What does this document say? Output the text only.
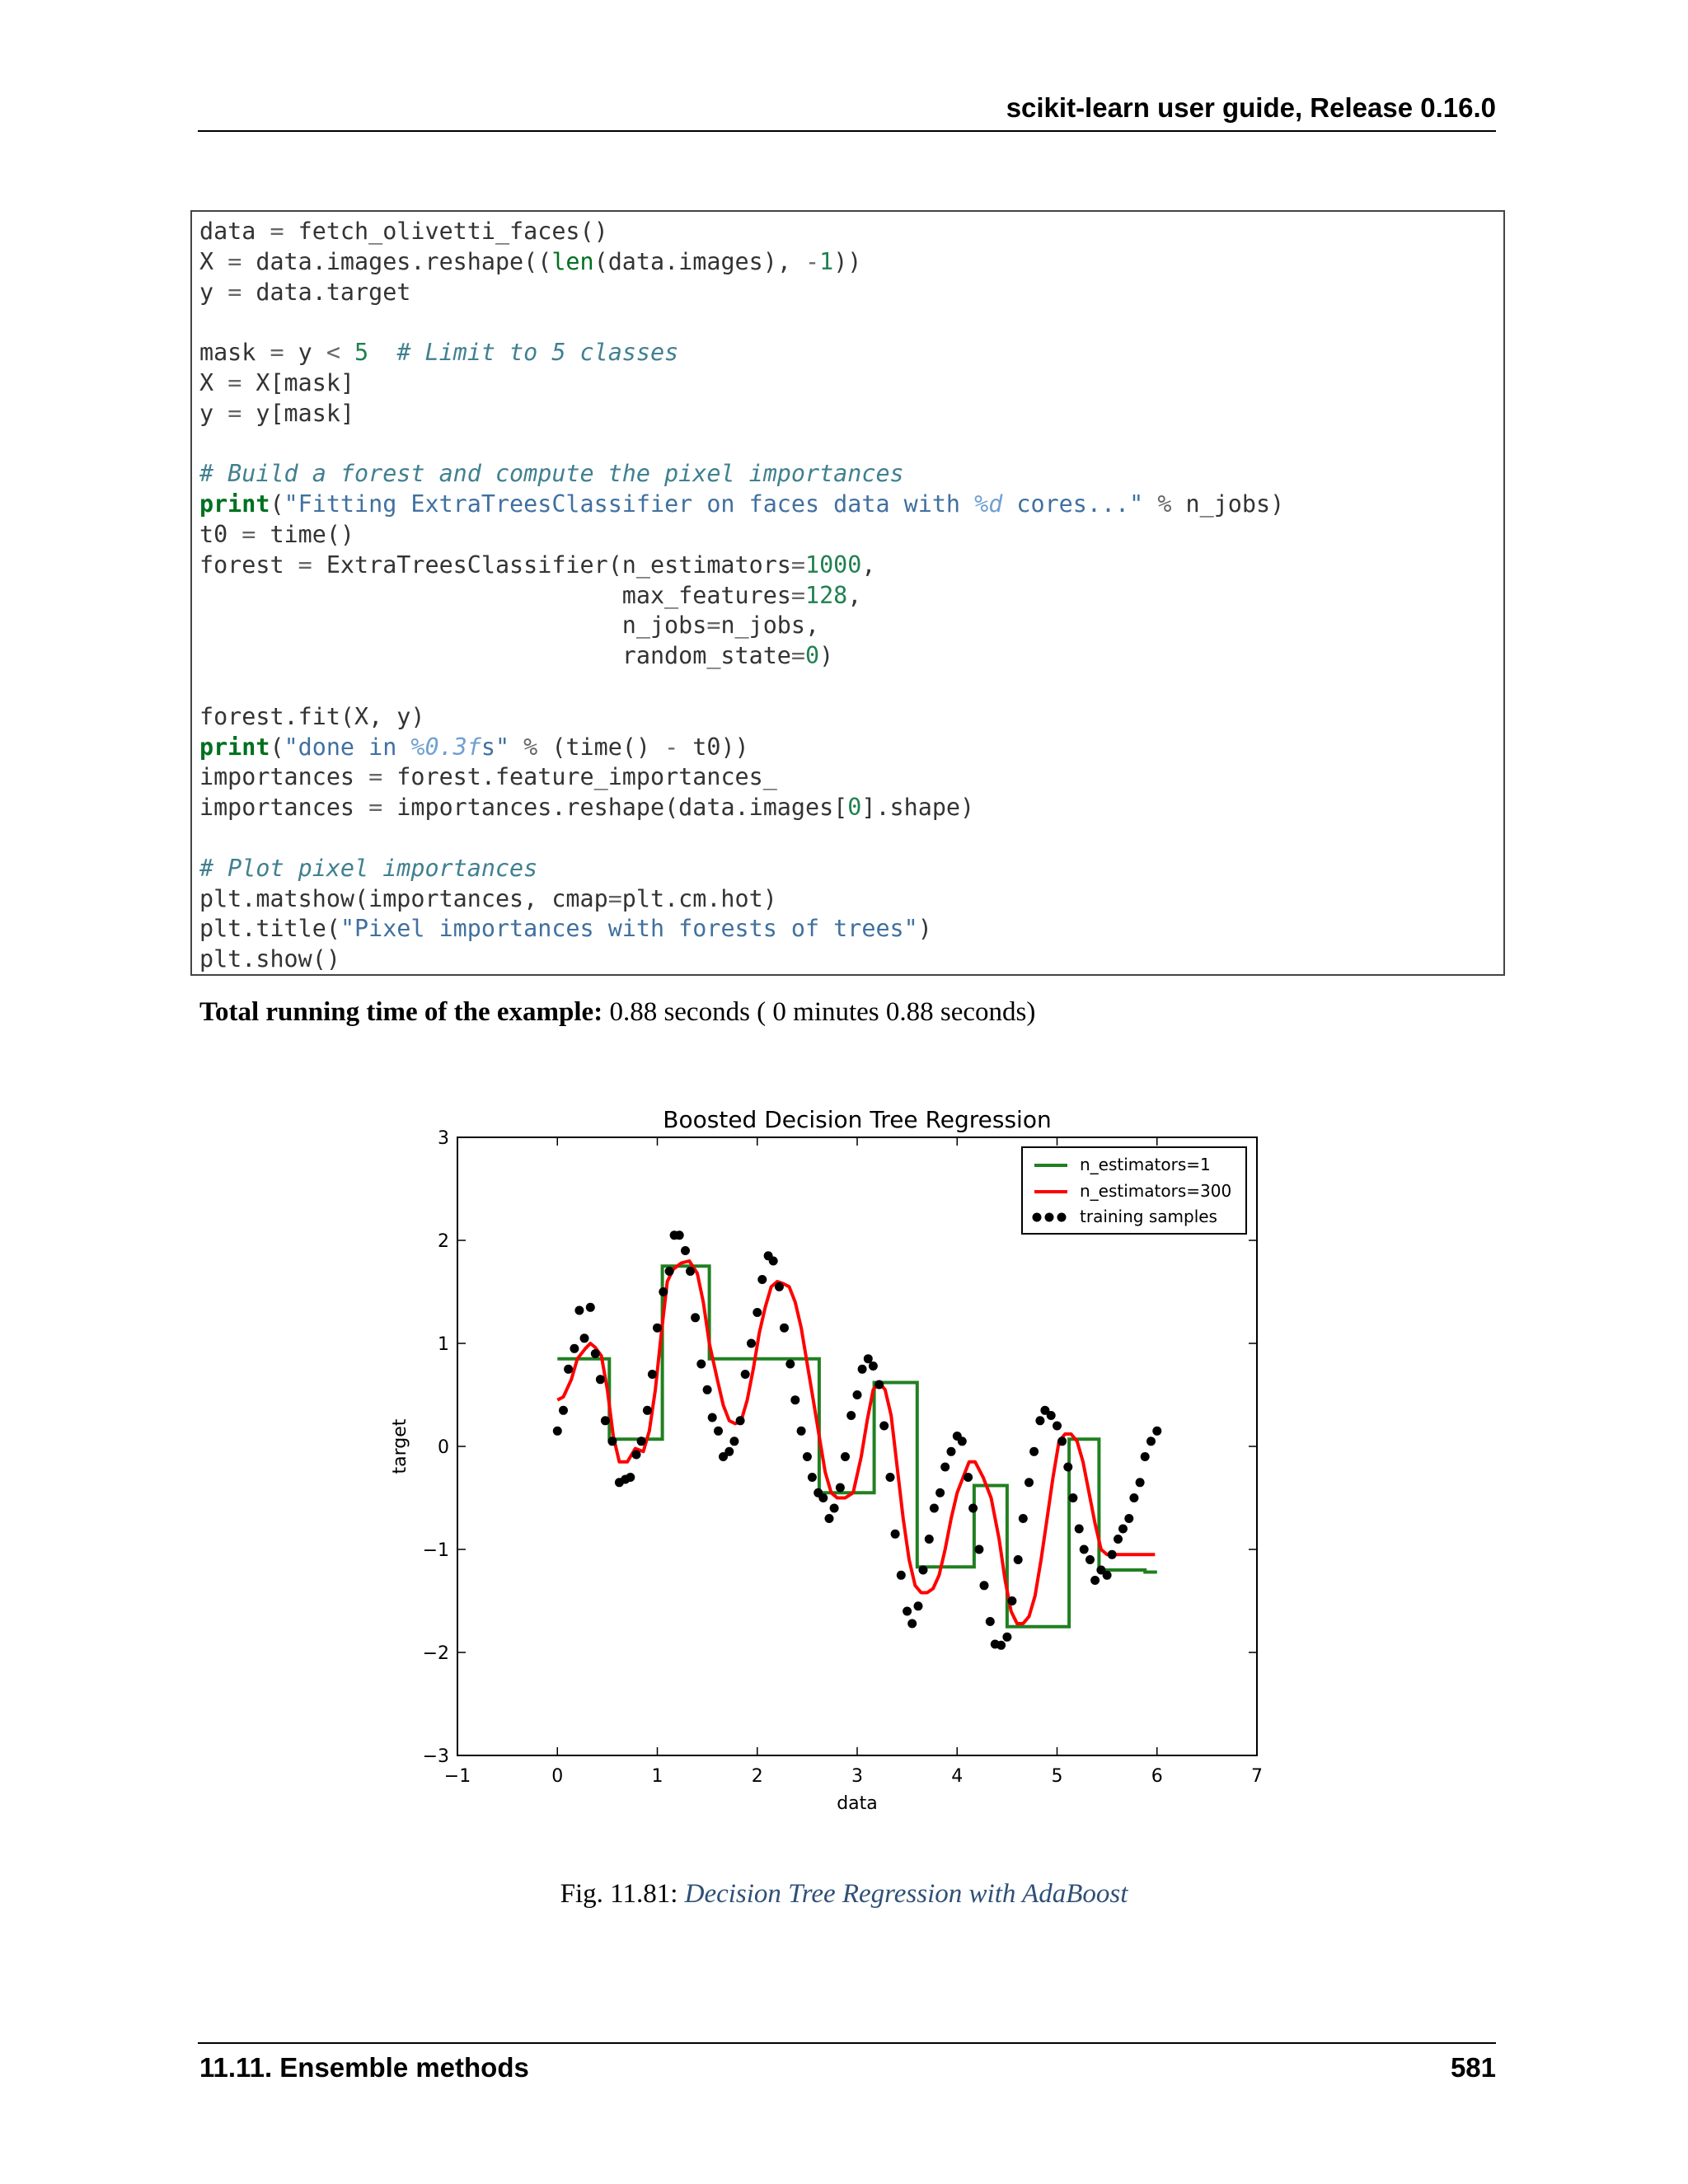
scikit-learn user guide, Release 0.16.0
data = fetch_olivetti_faces()
X = data.images.reshape((len(data.images), -1))
y = data.target

mask = y < 5 # Limit to 5 classes
X = X[mask]
y = y[mask]

# Build a forest and compute the pixel importances
print("Fitting ExtraTreesClassifier on faces data with %d cores..." % n_jobs)
t0 = time()
forest = ExtraTreesClassifier(n_estimators=1000,
max_features=128,
n_jobs=n_jobs,
random_state=0)

forest.fit(X, y)
print("done in %0.3fs" % (time() - t0))
importances = forest.feature_importances_
importances = importances.reshape(data.images[0].shape)

# Plot pixel importances
plt.matshow(importances, cmap=plt.cm.hot)
plt.title("Pixel importances with forests of trees")
plt.show()
Total running time of the example: 0.88 seconds ( 0 minutes 0.88 seconds)
−1	0	1	2	3	4	5	6	7
−3
−2
−1
0
1
2
3
Boosted Decision Tree Regression
data
target
n_estimators=1
n_estimators=300
training samples
Fig. 11.81: Decision Tree Regression with AdaBoost
11.11. Ensemble methods	581
